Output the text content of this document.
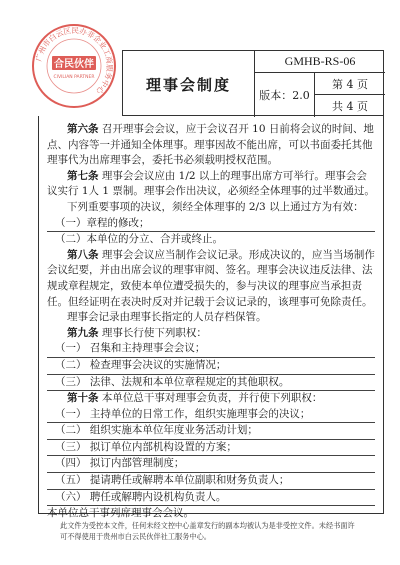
广州市白云区民办非企业工商服务中心
合民伙伴
CIVILIAN PARTNER	理事会制度
GMHB-RS-06
版本：2.0
第 4 页
共 4 页

第六条 召开理事会会议，应于会议召开 10 日前将会议的时间、地点、内容等一并通知全体理事。理事因故不能出席，可以书面委托其他理事代为出席理事会，委托书必须载明授权范围。

第七条 理事会会议应由 1/2 以上的理事出席方可举行。理事会会议实行 1人 1 票制。理事会作出决议，必须经全体理事的过半数通过。

下列重要事项的决议，须经全体理事的 2/3 以上通过方为有效：

（一）章程的修改；

（二）本单位的分立、合并或终止。

第八条 理事会会议应当制作会议记录。形成决议的，应当当场制作会议纪要，并由出席会议的理事审阅、签名。理事会决议违反法律、法规或章程规定，致使本单位遭受损失的，参与决议的理事应当承担责任。但经证明在表决时反对并记载于会议记录的，该理事可免除责任。

理事会记录由理事长指定的人员存档保管。

第九条 理事长行使下列职权：

（一） 召集和主持理事会会议；

（二） 检查理事会决议的实施情况；

（三） 法律、法规和本单位章程规定的其他职权。

第十条 本单位总干事对理事会负责，并行使下列职权：

（一） 主持单位的日常工作，组织实施理事会的决议；

（二） 组织实施本单位年度业务活动计划；

（三） 拟订单位内部机构设置的方案；

（四） 拟订内部管理制度；

（五） 提请聘任或解聘本单位副职和财务负责人；

（六） 聘任或解聘内设机构负责人。

本单位总干事列席理事会会议。

此文件为受控本文件，任何未经文控中心盖章发行的副本均被认为是非受控文件。未经书面许可不得使用于贵州市白云民伙伴社工服务中心。
